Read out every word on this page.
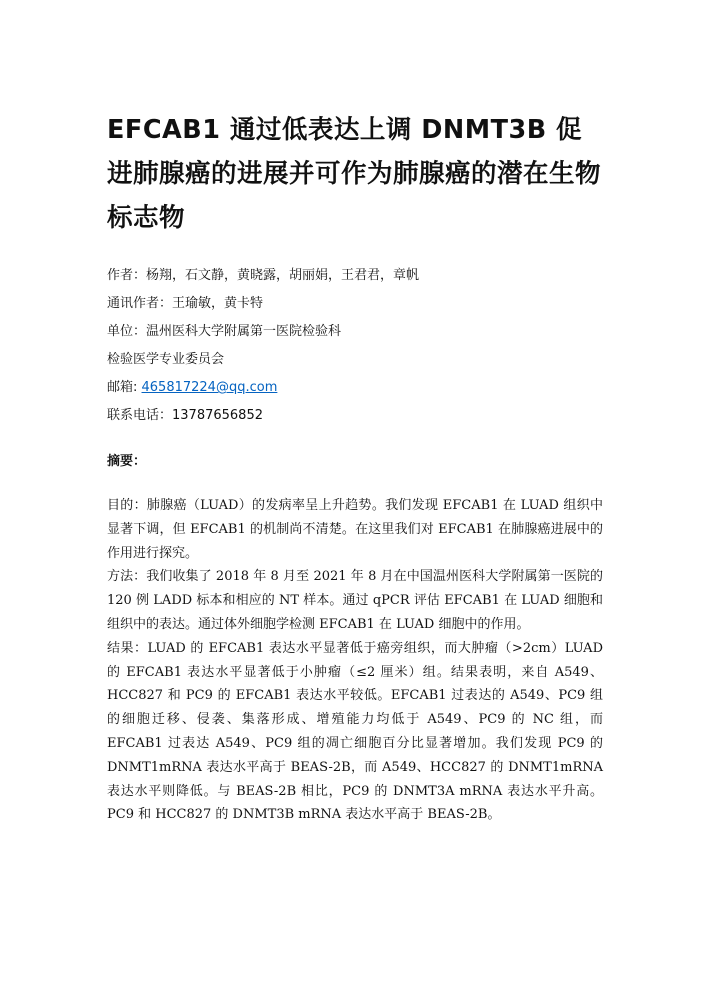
EFCAB1 通过低表达上调 DNMT3B 促进肺腺癌的进展并可作为肺腺癌的潜在生物标志物
作者：杨翔，石文静，黄晓露，胡丽娟，王君君，章帆
通讯作者：王瑜敏，黄卡特
单位：温州医科大学附属第一医院检验科
检验医学专业委员会
邮箱: 465817224@qq.com
联系电话：13787656852
摘要：

目的：肺腺癌（LUAD）的发病率呈上升趋势。我们发现 EFCAB1 在 LUAD 组织中显著下调，但 EFCAB1 的机制尚不清楚。在这里我们对 EFCAB1 在肺腺癌进展中的作用进行探究。

方法：我们收集了 2018 年 8 月至 2021 年 8 月在中国温州医科大学附属第一医院的 120 例 LADD 标本和相应的 NT 样本。通过 qPCR 评估 EFCAB1 在 LUAD 细胞和组织中的表达。通过体外细胞学检测 EFCAB1 在 LUAD 细胞中的作用。

结果：LUAD 的 EFCAB1 表达水平显著低于癌旁组织，而大肿瘤（>2cm）LUAD 的 EFCAB1 表达水平显著低于小肿瘤（≤2 厘米）组。结果表明，来自 A549、HCC827 和 PC9 的 EFCAB1 表达水平较低。EFCAB1 过表达的 A549、PC9 组的细胞迁移、侵袭、集落形成、增殖能力均低于 A549、PC9 的 NC 组，而 EFCAB1 过表达 A549、PC9 组的凋亡细胞百分比显著增加。我们发现 PC9 的 DNMT1mRNA 表达水平高于 BEAS-2B，而 A549、HCC827 的 DNMT1mRNA 表达水平则降低。与 BEAS-2B 相比，PC9 的 DNMT3A mRNA 表达水平升高。PC9 和 HCC827 的 DNMT3B mRNA 表达水平高于 BEAS-2B。
